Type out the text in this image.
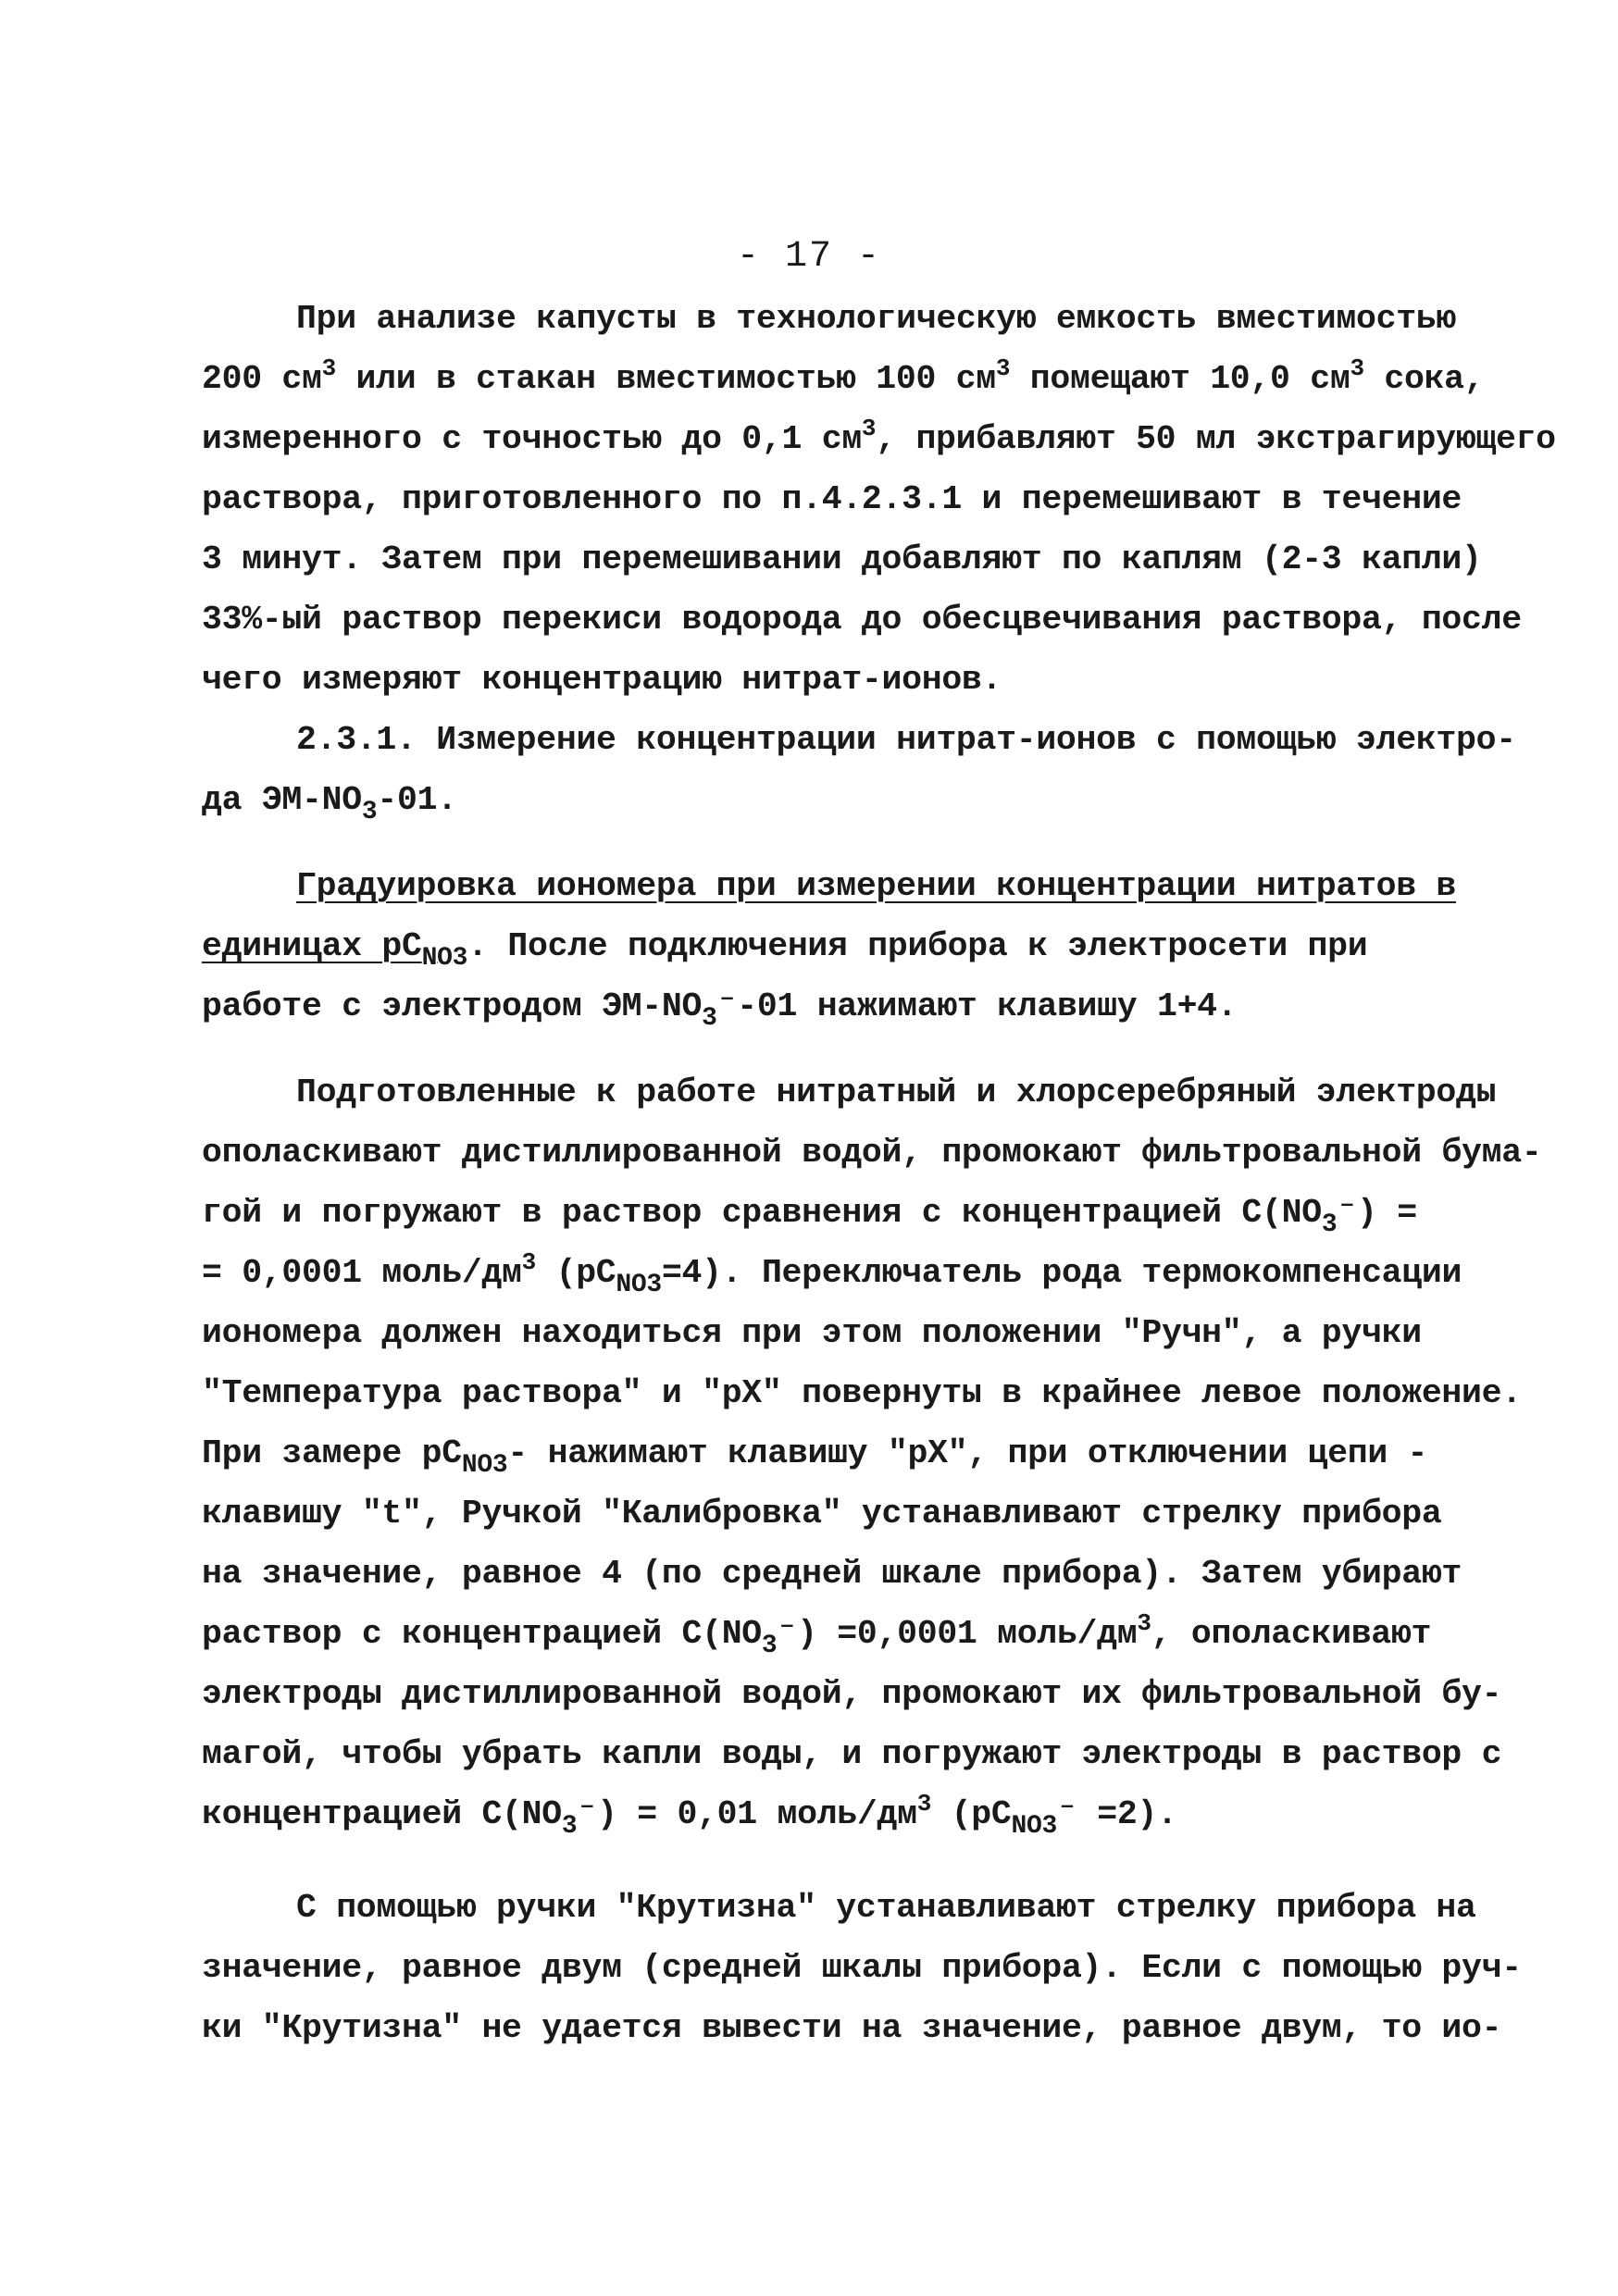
- 17 -
При анализе капусты в технологическую емкость вместимостью
200 $см^3$ или в стакан вместимостью 100 $см^3$ помещают 10,0 $см^3$ сока,
измеренного с точностью до 0,1 $см^3$, прибавляют 50 мл экстрагирующего
раствора, приготовленного по п.4.2.3.1 и перемешивают в течение
3 минут. Затем при перемешивании добавляют по каплям (2-3 капли)
33%-ый раствор перекиси водорода до обесцвечивания раствора, после
чего измеряют концентрацию нитрат-ионов.
2.3.1. Измерение концентрации нитрат-ионов с помощью электро-
да $ЭМ-NO_3-01$.
Градуировка иономера при измерении концентрации нитратов в
единицах $pC_{NO3}$. После подключения прибора к электросети при
работе с электродом $ЭМ-NO_3^--01$ нажимают клавишу 1+4.
Подготовленные к работе нитратный и хлорсеребряный электроды
ополаскивают дистиллированной водой, промокают фильтровальной бума-
гой и погружают в раствор сравнения с концентрацией $C(NO_3^-)$ =
= 0,0001 моль/$дм^3$ $(pC_{NO3}=4)$. Переключатель рода термокомпенсации
иономера должен находиться при этом положении "Ручн", а ручки
"Температура раствора" и "pX" повернуты в крайнее левое положение.
При замере $pC_{NO3}-$ нажимают клавишу "pX", при отключении цепи -
клавишу "t", Ручкой "Калибровка" устанавливают стрелку прибора
на значение, равное 4 (по средней шкале прибора). Затем убирают
раствор с концентрацией $C(NO_3^-) =0,0001$ моль/$дм^3$, ополаскивают
электроды дистиллированной водой, промокают их фильтровальной бу-
магой, чтобы убрать капли воды, и погружают электроды в раствор с
концентрацией $C(NO_3^-) = 0,01$ моль/$дм^3$ $(pC_{NO3}^- =2)$.
С помощью ручки "Крутизна" устанавливают стрелку прибора на
значение, равное двум (средней шкалы прибора). Если с помощью руч-
ки "Крутизна" не удается вывести на значение, равное двум, то ио-
